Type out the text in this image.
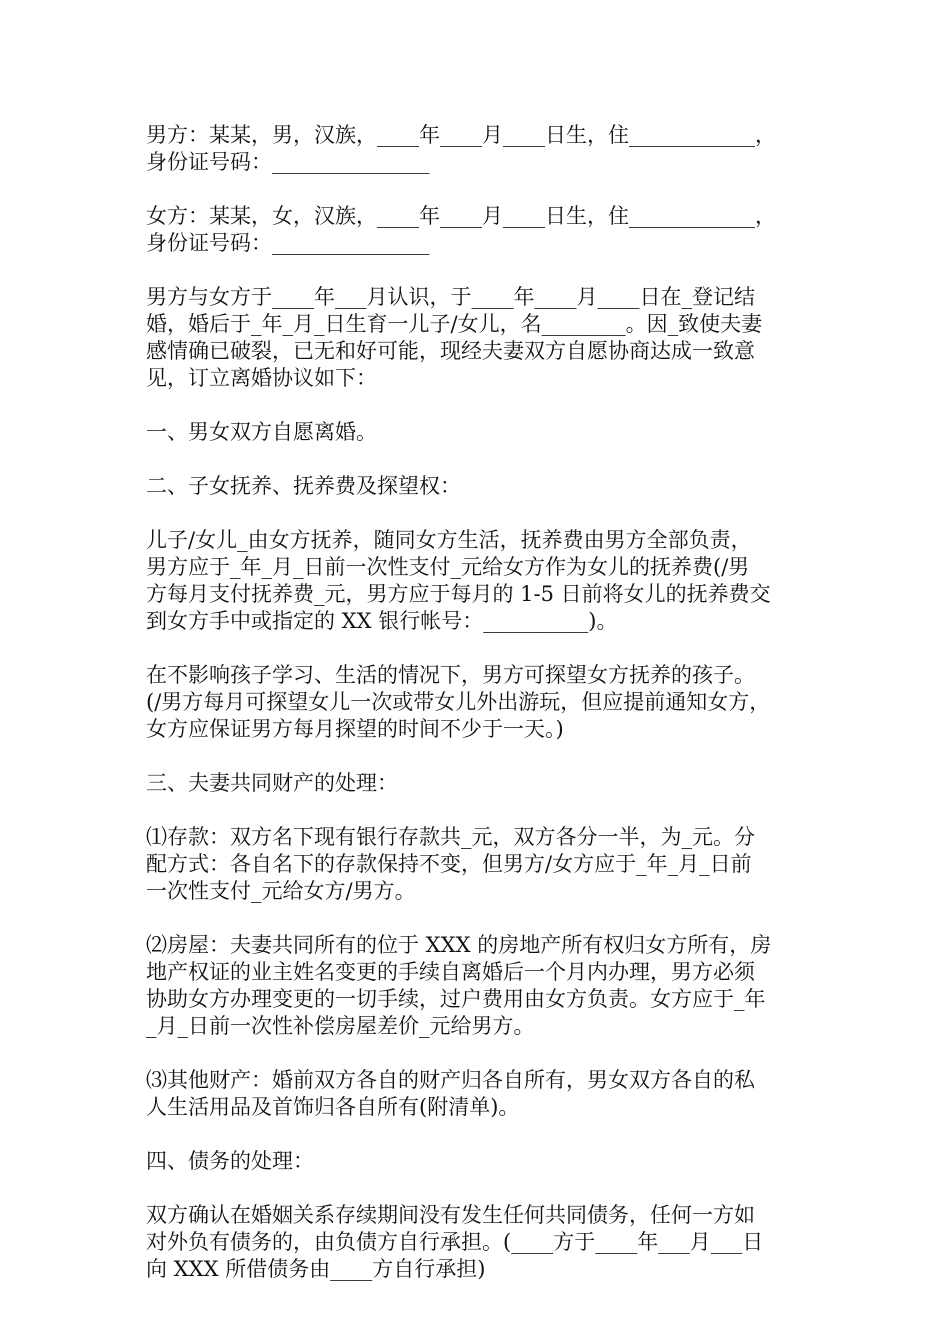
男方：某某，男，汉族，____年____月____日生，住____________，
身份证号码：_______________

女方：某某，女，汉族，____年____月____日生，住____________，
身份证号码：_______________

男方与女方于____年___月认识，于____年____月____日在_登记结
婚，婚后于_年_月_日生育一儿子/女儿，名________。因_致使夫妻
感情确已破裂，已无和好可能，现经夫妻双方自愿协商达成一致意
见，订立离婚协议如下：

一、男女双方自愿离婚。

二、子女抚养、抚养费及探望权：

儿子/女儿_由女方抚养，随同女方生活，抚养费由男方全部负责，
男方应于_年_月_日前一次性支付_元给女方作为女儿的抚养费(/男
方每月支付抚养费_元，男方应于每月的 1-5 日前将女儿的抚养费交
到女方手中或指定的 XX 银行帐号：__________)。

在不影响孩子学习、生活的情况下，男方可探望女方抚养的孩子。
(/男方每月可探望女儿一次或带女儿外出游玩，但应提前通知女方，
女方应保证男方每月探望的时间不少于一天。)

三、夫妻共同财产的处理：

⑴存款：双方名下现有银行存款共_元，双方各分一半，为_元。分
配方式：各自名下的存款保持不变，但男方/女方应于_年_月_日前
一次性支付_元给女方/男方。

⑵房屋：夫妻共同所有的位于 XXX 的房地产所有权归女方所有，房
地产权证的业主姓名变更的手续自离婚后一个月内办理，男方必须
协助女方办理变更的一切手续，过户费用由女方负责。女方应于_年
_月_日前一次性补偿房屋差价_元给男方。

⑶其他财产：婚前双方各自的财产归各自所有，男女双方各自的私
人生活用品及首饰归各自所有(附清单)。

四、债务的处理：

双方确认在婚姻关系存续期间没有发生任何共同债务，任何一方如
对外负有债务的，由负债方自行承担。(____方于____年___月___日
向 XXX 所借债务由____方自行承担)
